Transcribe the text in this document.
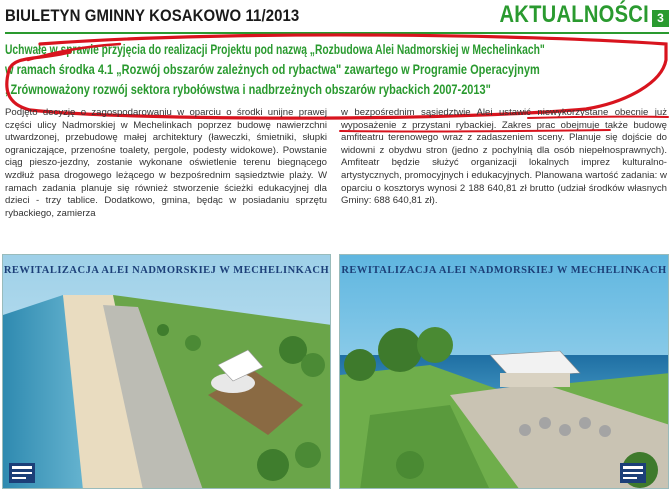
BIULETYN GMINNY KOSAKOWO 11/2013	AKTUALNOŚCI 3
Uchwałę w sprawie przyjęcia do realizacji Projektu pod nazwą „Rozbudowa Alei Nadmorskiej w Mechelinkach"
w ramach środka 4.1 „Rozwój obszarów zależnych od rybactwa" zawartego w Programie Operacyjnym
„Zrównoważony rozwój sektora rybołówstwa i nadbrzeżnych obszarów rybackich 2007-2013"
Podjęto decyzję o zagospodarowaniu w oparciu o środki unijne prawej części ulicy Nadmorskiej w Mechelinkach poprzez budowę nawierzchni utwardzonej, przebudowę małej architektury (ławeczki, śmietniki, słupki ograniczające, przenośne toalety, pergole, podesty widokowe). Powstanie ciąg pieszo-jezdny, zostanie wykonane oświetlenie terenu biegnącego wzdłuż pasa drogowego leżącego w bezpośrednim sąsiedztwie plaży. W ramach zadania planuje się również stworzenie ścieżki edukacyjnej dla dzieci - trzy tablice. Dodatkowo, gmina, będąc w posiadaniu sprzętu rybackiego, zamierza
w bezpośrednim sąsiedztwie Alei ustawić niewykorzystane obecnie już wyposażenie z przystani rybackiej. Zakres prac obejmuje także budowę amfiteatru terenowego wraz z zadaszeniem sceny. Planuje się dojście do widowni z obydwu stron (jedno z pochylnią dla osób niepełnosprawnych). Amfiteatr będzie służyć organizacji lokalnych imprez kulturalno-artystycznych, promocyjnych i edukacyjnych. Planowana wartość zadania: w oparciu o kosztorys wynosi 2 188 640,81 zł brutto (udział środków własnych Gminy: 688 640,81 zł).
REWITALIZACJA ALEI NADMORSKIEJ W MECHELINKACH REWITALIZACJA ALEI NADMORSKIEJ W MECHELINKACH
